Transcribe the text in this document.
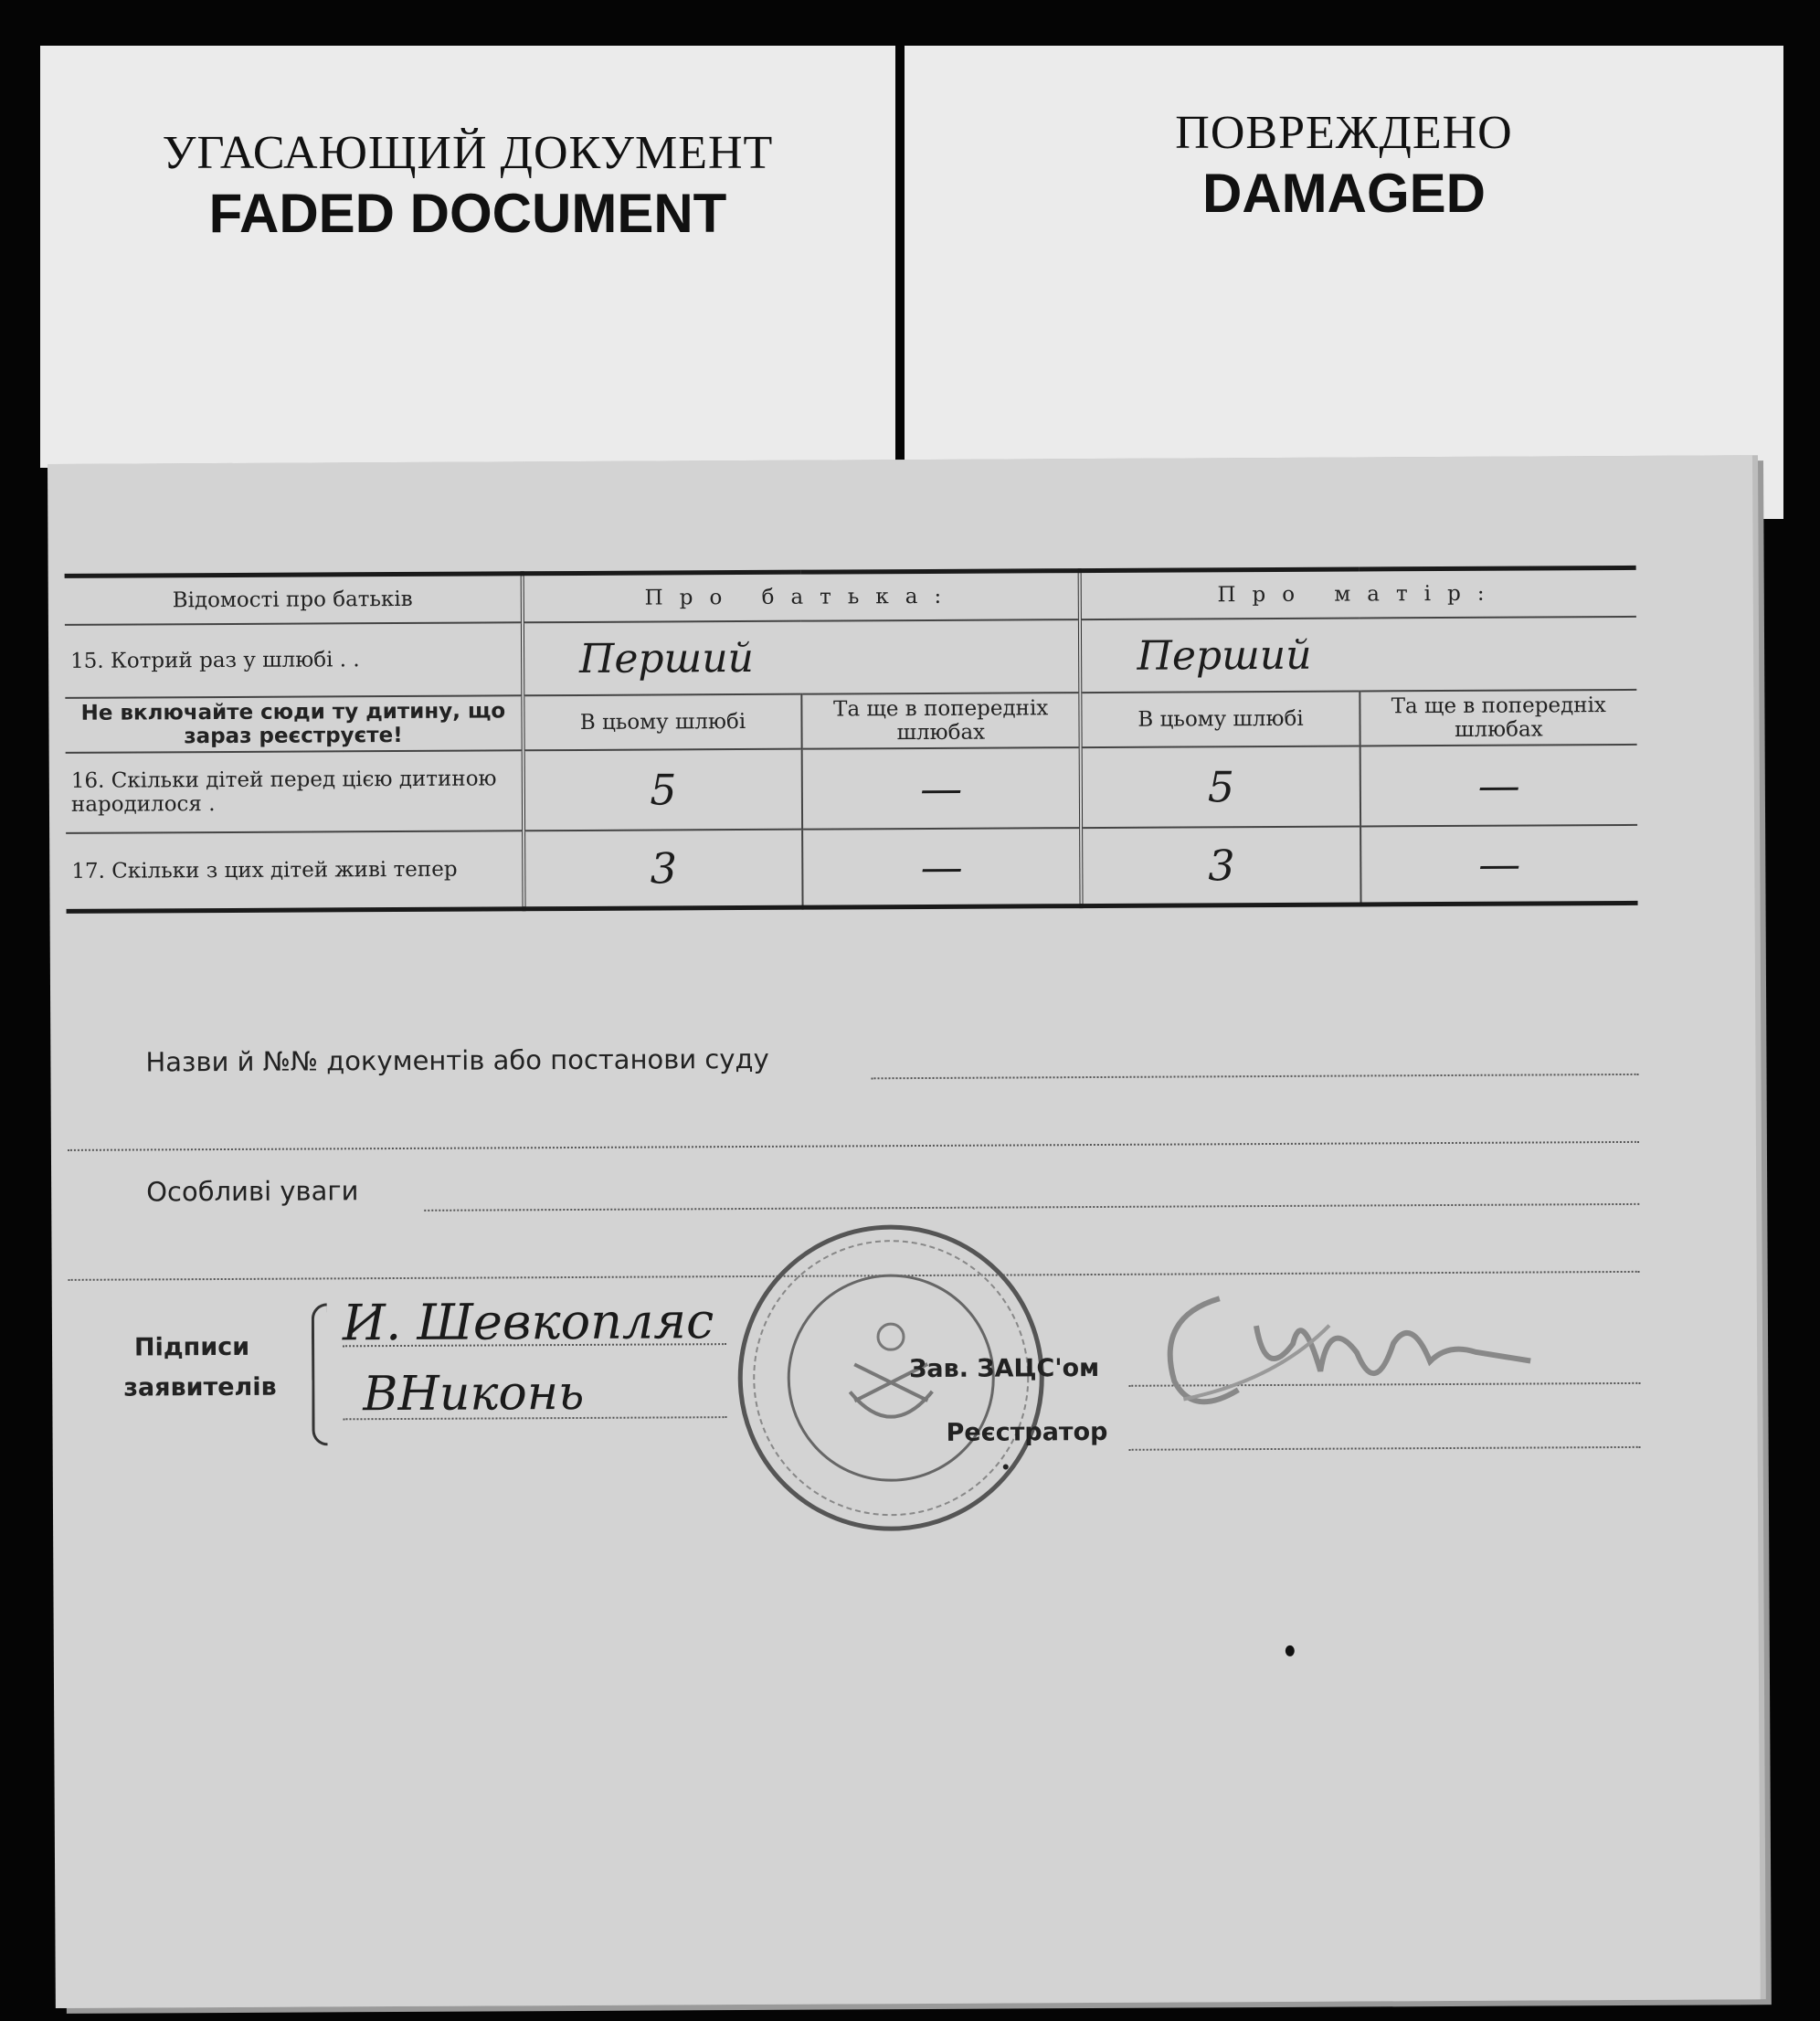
УГАСАЮЩИЙ ДОКУМЕНТ
FADED DOCUMENT
ПОВРЕЖДЕНО
DAMAGED
Відомості про батьків	Про батька:		Про матір:	
15. Котрий раз у шлюбі . .	Перший		Перший	
Не включайте сюди ту дитину, що зараз реєструєте!	В цьому шлюбі	Та ще в попередніх шлюбах	В цьому шлюбі	Та ще в попередніх шлюбах
16. Скільки дітей перед цією дитиною народилося .	5	—	5	—
17. Скільки з цих дітей живі тепер	3	—	3	—
Назви й №№ документів або постанови суду
Особливі уваги
Підписи заявителів
И. Шевкопляс
ВНиконь	Зав. ЗАЦС'ом
Реєстратор
